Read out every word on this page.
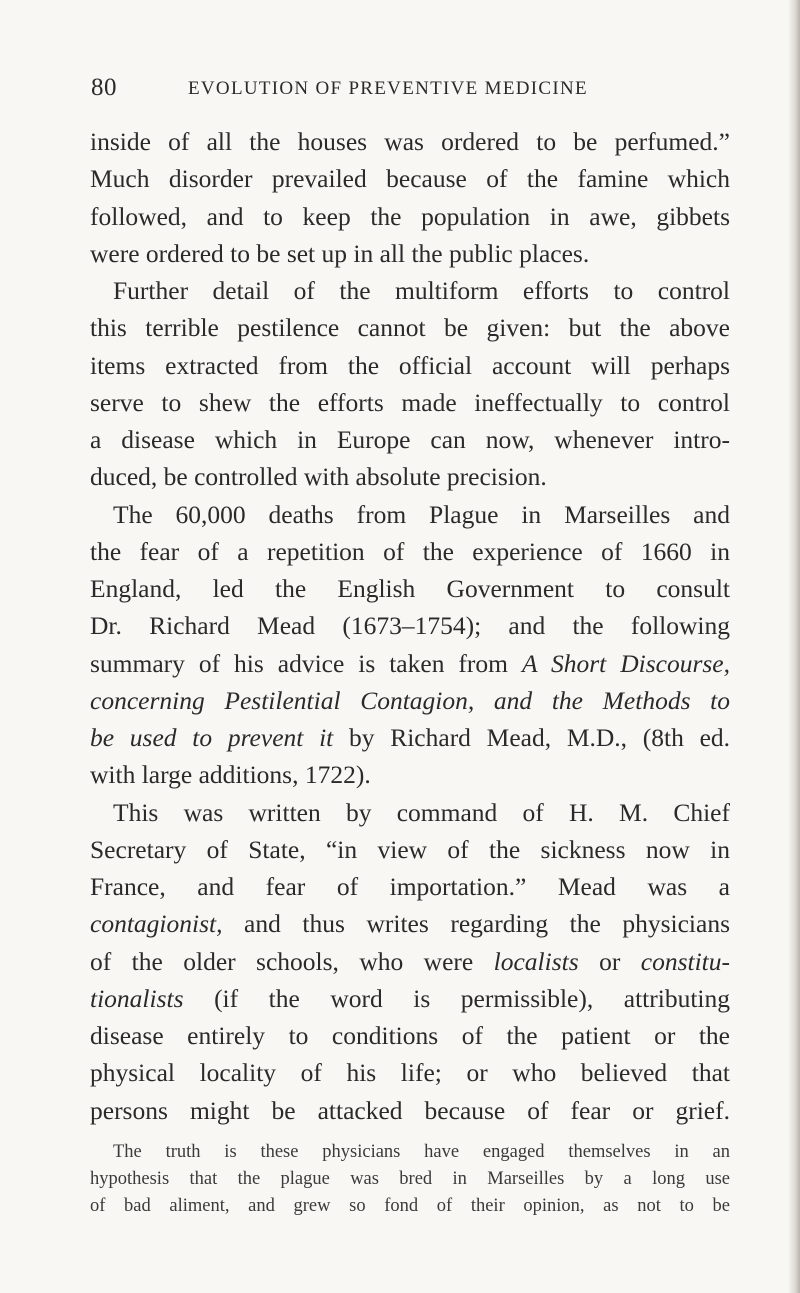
80	EVOLUTION OF PREVENTIVE MEDICINE
inside of all the houses was ordered to be perfumed.”
Much disorder prevailed because of the famine which
followed, and to keep the population in awe, gibbets
were ordered to be set up in all the public places.
Further detail of the multiform efforts to control
this terrible pestilence cannot be given: but the above
items extracted from the official account will perhaps
serve to shew the efforts made ineffectually to control
a disease which in Europe can now, whenever intro-
duced, be controlled with absolute precision.
The 60,000 deaths from Plague in Marseilles and
the fear of a repetition of the experience of 1660 in
England, led the English Government to consult
Dr. Richard Mead (1673–1754); and the following
summary of his advice is taken from A Short Discourse,
concerning Pestilential Contagion, and the Methods to
be used to prevent it by Richard Mead, M.D., (8th ed.
with large additions, 1722).
This was written by command of H. M. Chief
Secretary of State, “in view of the sickness now in
France, and fear of importation.” Mead was a
contagionist, and thus writes regarding the physicians
of the older schools, who were localists or constitu-
tionalists (if the word is permissible), attributing
disease entirely to conditions of the patient or the
physical locality of his life; or who believed that
persons might be attacked because of fear or grief.
The truth is these physicians have engaged themselves in an
hypothesis that the plague was bred in Marseilles by a long use
of bad aliment, and grew so fond of their opinion, as not to be
